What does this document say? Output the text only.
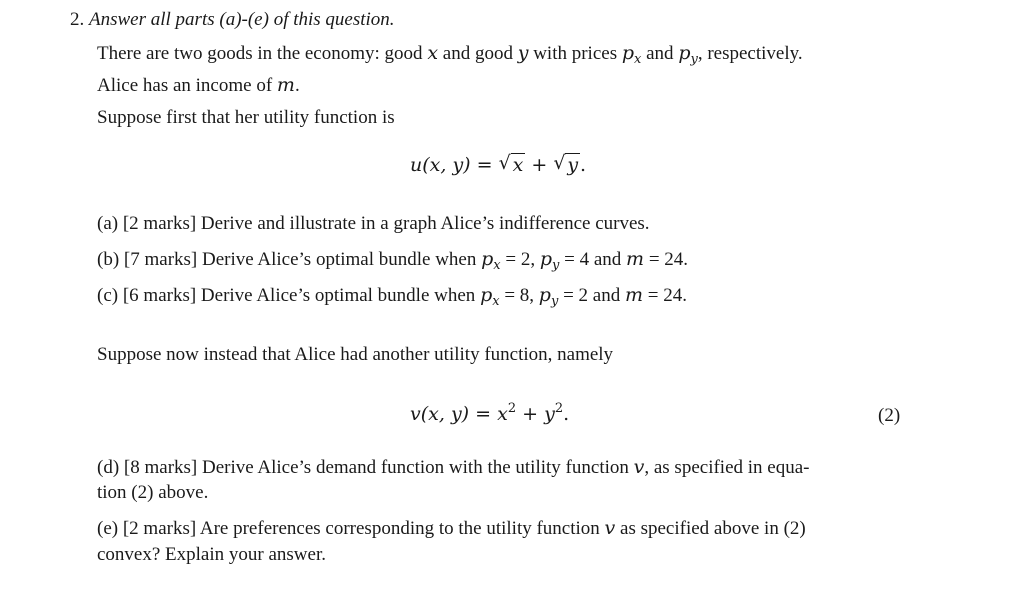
2. Answer all parts (a)-(e) of this question.
There are two goods in the economy: good x and good y with prices $p_x$ and $p_y$, respectively.
Alice has an income of m.
Suppose first that her utility function is
u(x, y) = √ x + √ y .
(a) [2 marks] Derive and illustrate in a graph Alice’s indifference curves.
(b) [7 marks] Derive Alice’s optimal bundle when $p_x = 2$, $p_y = 4$ and m = 24.
(c) [6 marks] Derive Alice’s optimal bundle when $p_x = 8$, $p_y = 2$ and m = 24.
Suppose now instead that Alice had another utility function, namely
v(x, $y) = x^2 + y^2$.	(2)
(d) [8 marks] Derive Alice’s demand function with the utility function v, as specified in equa-
tion (2) above.
(e) [2 marks] Are preferences corresponding to the utility function v as specified above in (2)
convex? Explain your answer.
